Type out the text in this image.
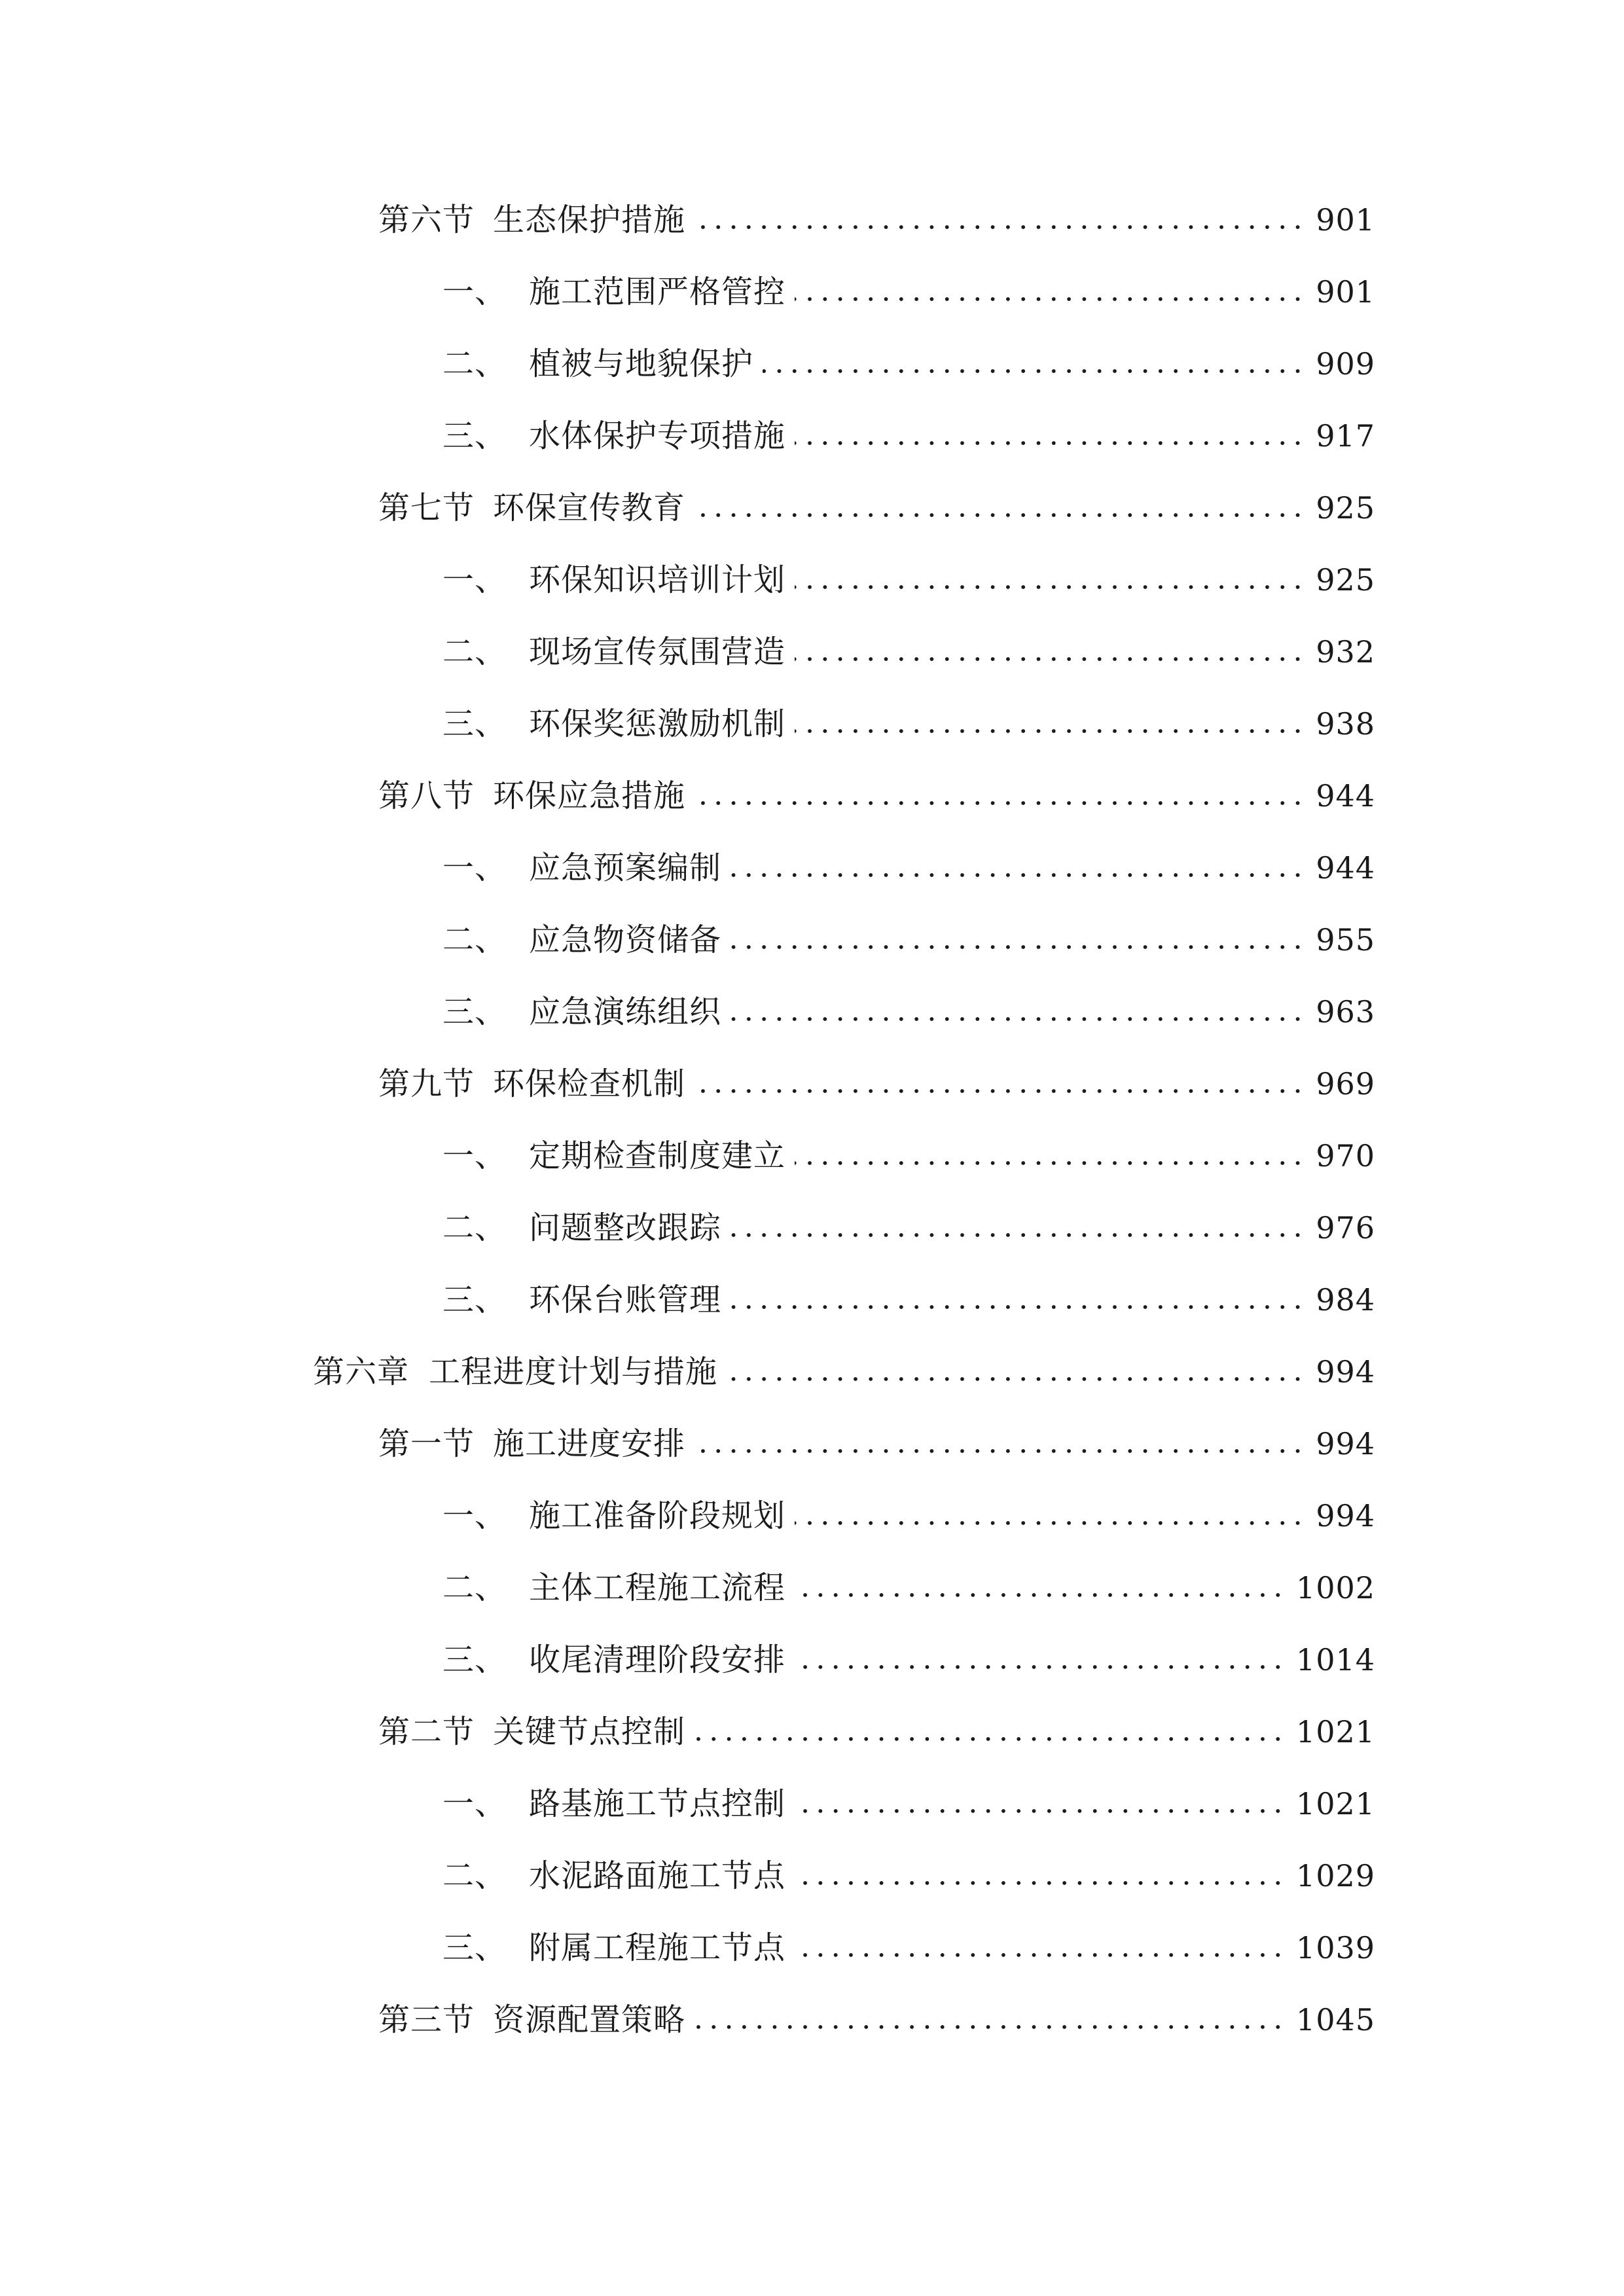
第六节 生态保护措施	901
一、 施工范围严格管控	901
二、 植被与地貌保护	909
三、 水体保护专项措施	917
第七节 环保宣传教育	925
一、 环保知识培训计划	925
二、 现场宣传氛围营造	932
三、 环保奖惩激励机制	938
第八节 环保应急措施	944
一、 应急预案编制	944
二、 应急物资储备	955
三、 应急演练组织	963
第九节 环保检查机制	969
一、 定期检查制度建立	970
二、 问题整改跟踪	976
三、 环保台账管理	984
第六章 工程进度计划与措施	994
第一节 施工进度安排	994
一、 施工准备阶段规划	994
二、 主体工程施工流程	1002
三、 收尾清理阶段安排	1014
第二节 关键节点控制	1021
一、 路基施工节点控制	1021
二、 水泥路面施工节点	1029
三、 附属工程施工节点	1039
第三节 资源配置策略	1045
